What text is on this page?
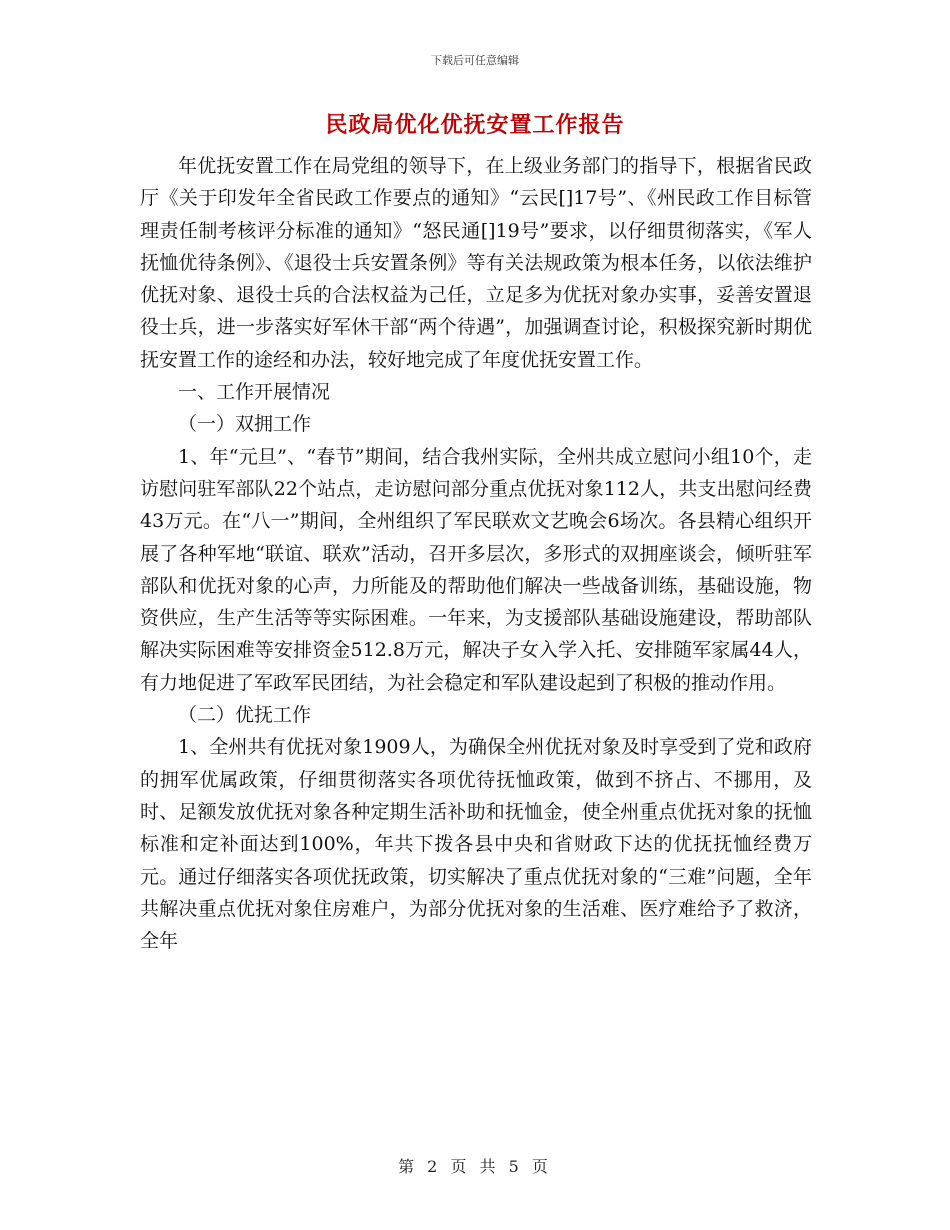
下载后可任意编辑
民政局优化优抚安置工作报告

年优抚安置工作在局党组的领导下，在上级业务部门的指导下，根据省民政厅《关于印发年全省民政工作要点的通知》“云民[]17号”、《州民政工作目标管理责任制考核评分标准的通知》“怒民通[]19号”要求，以仔细贯彻落实，《军人抚恤优待条例》、《退役士兵安置条例》等有关法规政策为根本任务，以依法维护优抚对象、退役士兵的合法权益为己任，立足多为优抚对象办实事，妥善安置退役士兵，进一步落实好军休干部“两个待遇”，加强调查讨论，积极探究新时期优抚安置工作的途经和办法，较好地完成了年度优抚安置工作。

一、工作开展情况

（一）双拥工作

1、年“元旦”、“春节”期间，结合我州实际，全州共成立慰问小组10个，走访慰问驻军部队22个站点，走访慰问部分重点优抚对象112人，共支出慰问经费43万元。在“八一”期间，全州组织了军民联欢文艺晚会6场次。各县精心组织开展了各种军地“联谊、联欢”活动，召开多层次，多形式的双拥座谈会，倾听驻军部队和优抚对象的心声，力所能及的帮助他们解决一些战备训练，基础设施，物资供应，生产生活等等实际困难。一年来，为支援部队基础设施建设，帮助部队解决实际困难等安排资金512.8万元，解决子女入学入托、安排随军家属44人，有力地促进了军政军民团结，为社会稳定和军队建设起到了积极的推动作用。

（二）优抚工作

1、全州共有优抚对象1909人，为确保全州优抚对象及时享受到了党和政府的拥军优属政策，仔细贯彻落实各项优待抚恤政策，做到不挤占、不挪用，及时、足额发放优抚对象各种定期生活补助和抚恤金，使全州重点优抚对象的抚恤标准和定补面达到100%，年共下拨各县中央和省财政下达的优抚抚恤经费万元。通过仔细落实各项优抚政策，切实解决了重点优抚对象的“三难”问题，全年共解决重点优抚对象住房难户，为部分优抚对象的生活难、医疗难给予了救济，全年

第 2 页 共 5 页
